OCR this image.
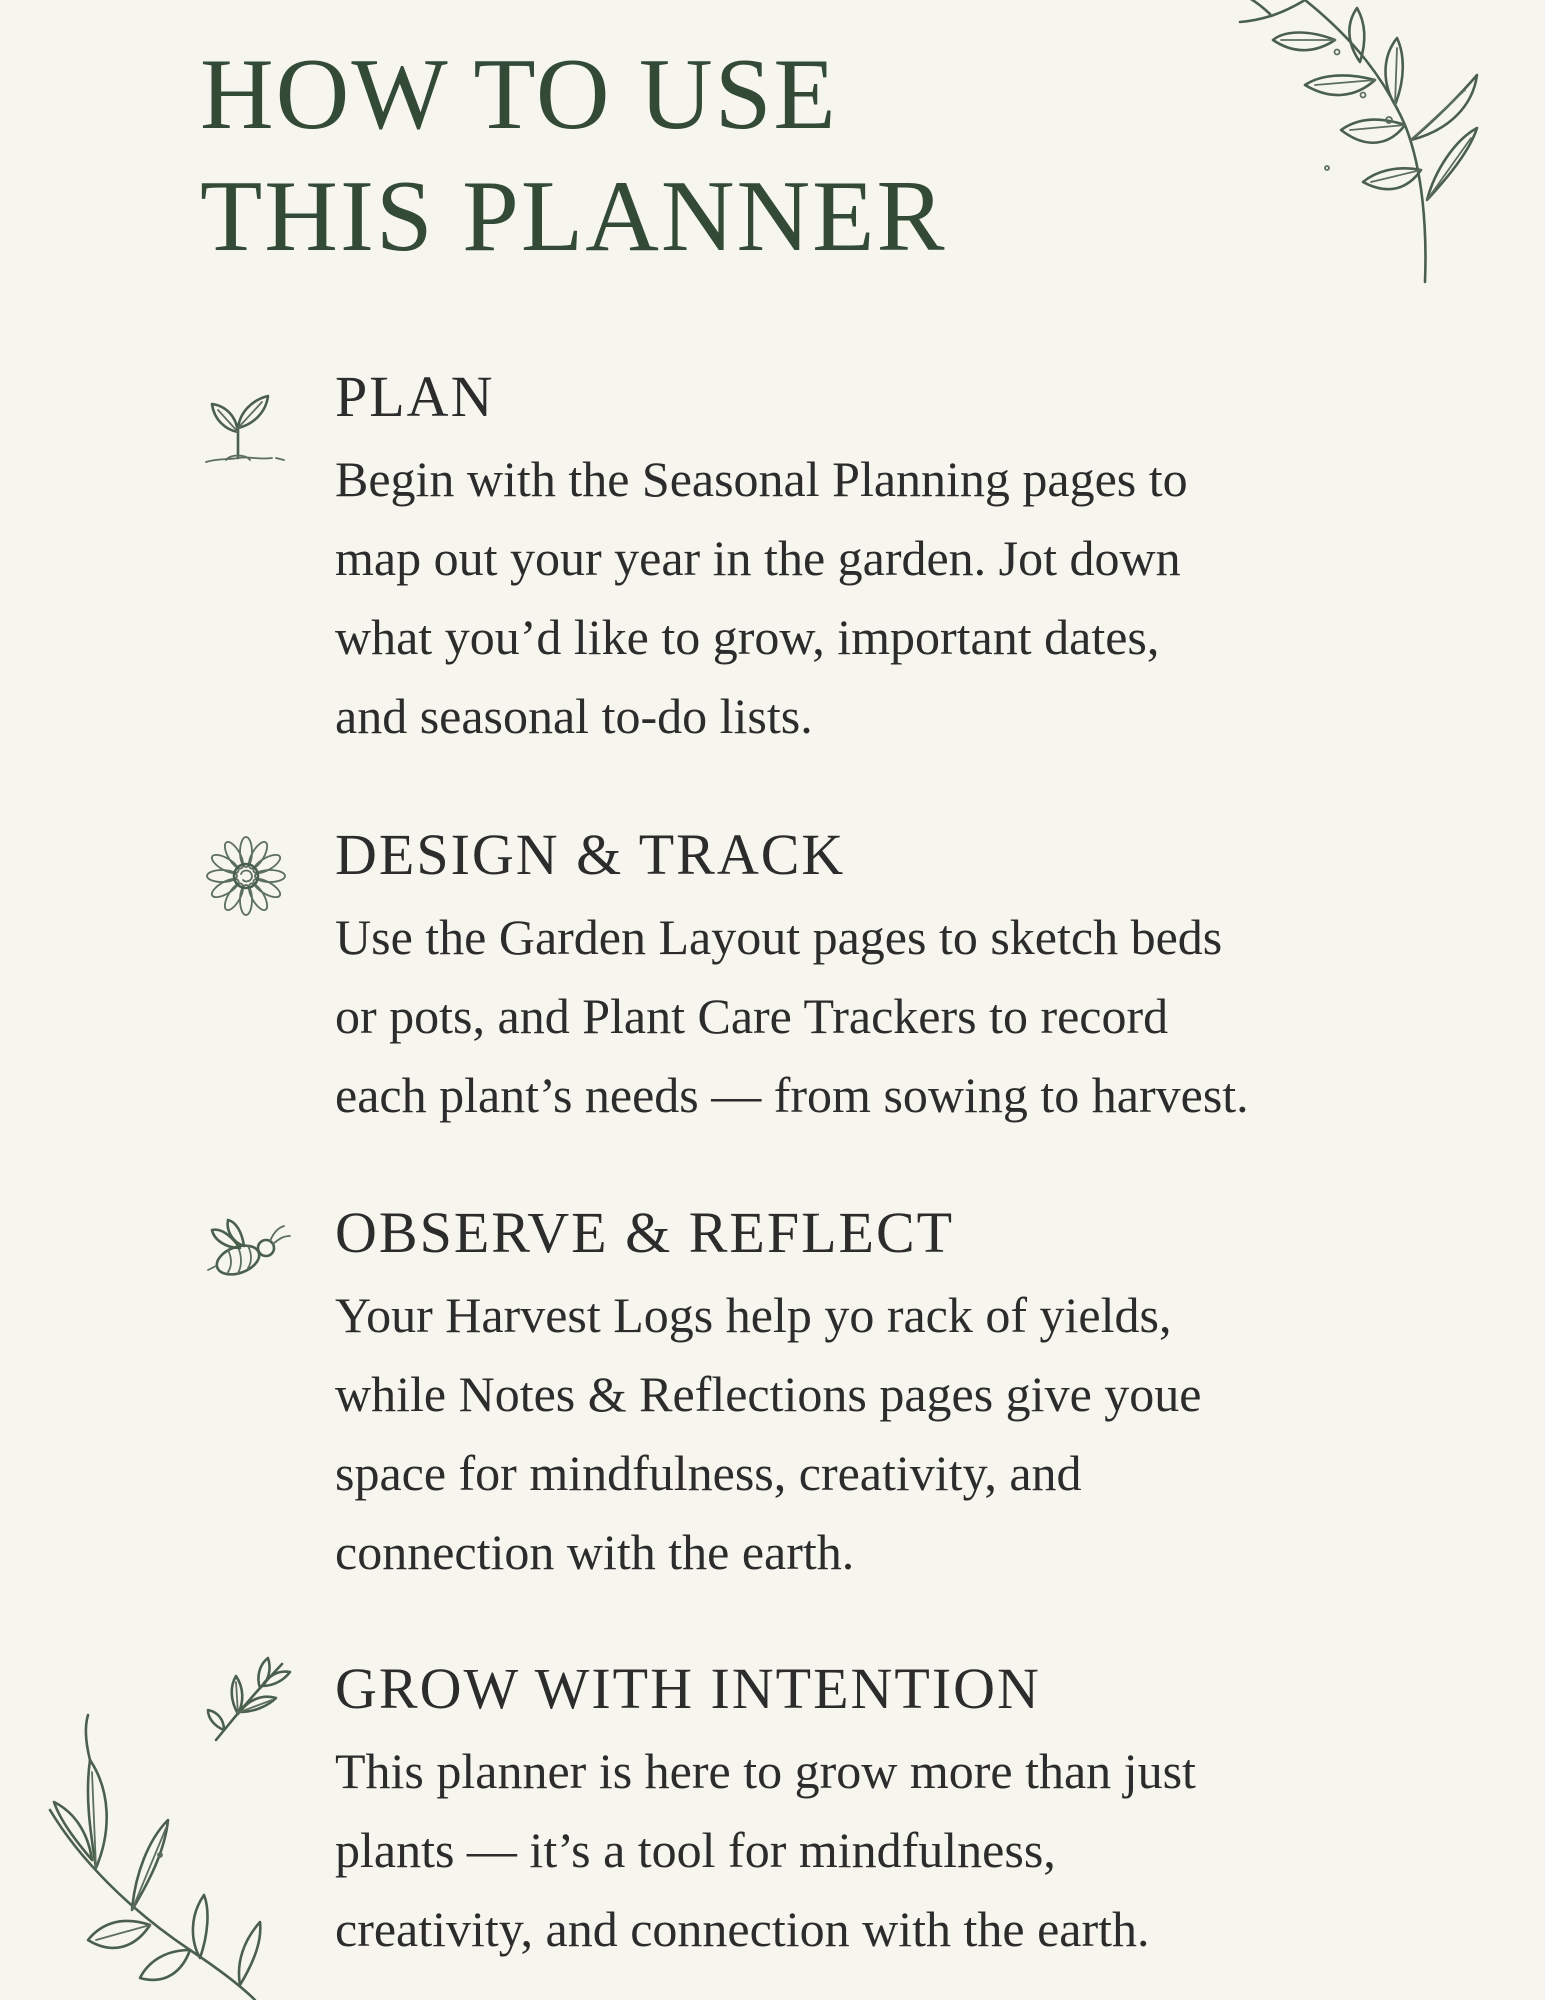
HOW TO USE
THIS PLANNER
PLAN

Begin with the Seasonal Planning pages to
map out your year in the garden. Jot down
what you’d like to grow, important dates,
and seasonal to-do lists.

DESIGN & TRACK

Use the Garden Layout pages to sketch beds
or pots, and Plant Care Trackers to record
each plant’s needs — from sowing to harvest.

OBSERVE & REFLECT

Your Harvest Logs help yo rack of yields,
while Notes & Reflections pages give youe
space for mindfulness, creativity, and
connection with the earth.

GROW WITH INTENTION

This planner is here to grow more than just
plants — it’s a tool for mindfulness,
creativity, and connection with the earth.
